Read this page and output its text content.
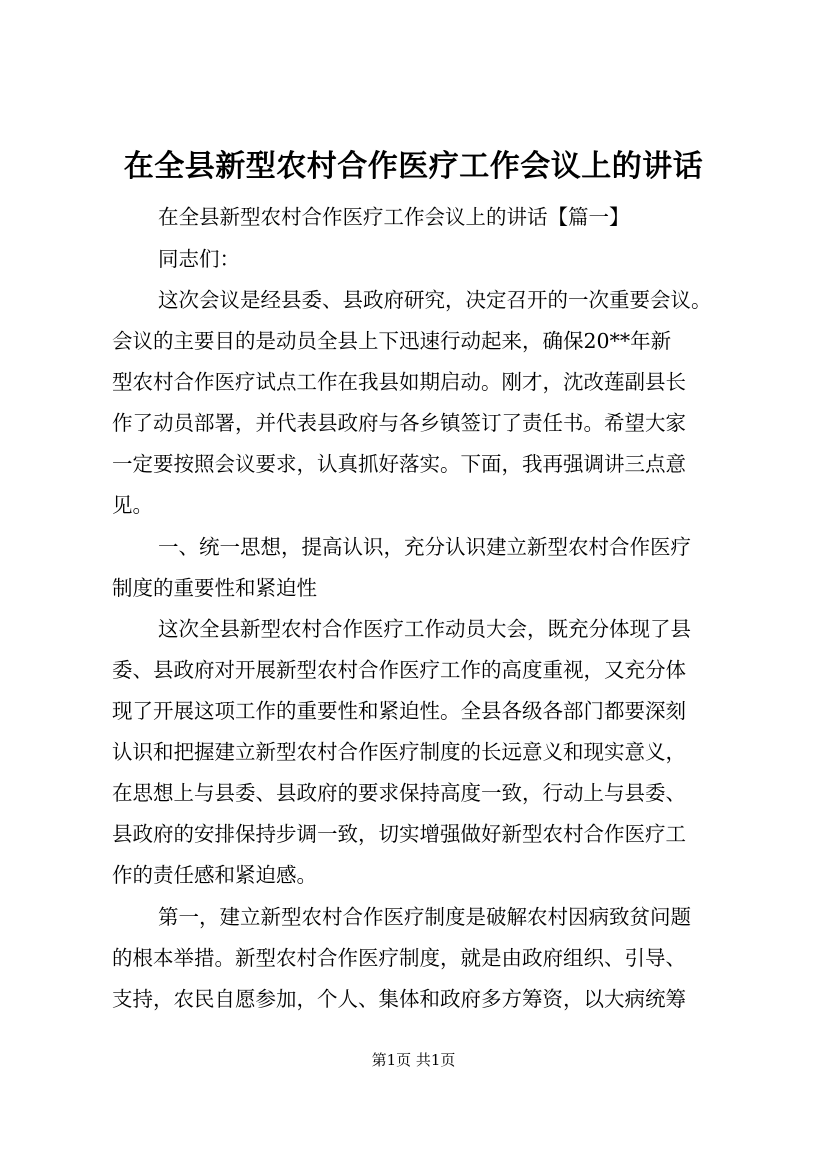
在全县新型农村合作医疗工作会议上的讲话
在全县新型农村合作医疗工作会议上的讲话【篇一】
同志们：
这次会议是经县委、县政府研究，决定召开的一次重要会议。
会议的主要目的是动员全县上下迅速行动起来，确保20**年新
型农村合作医疗试点工作在我县如期启动。刚才，沈改莲副县长
作了动员部署，并代表县政府与各乡镇签订了责任书。希望大家
一定要按照会议要求，认真抓好落实。下面，我再强调讲三点意
见。
一、统一思想，提高认识，充分认识建立新型农村合作医疗
制度的重要性和紧迫性
这次全县新型农村合作医疗工作动员大会，既充分体现了县
委、县政府对开展新型农村合作医疗工作的高度重视，又充分体
现了开展这项工作的重要性和紧迫性。全县各级各部门都要深刻
认识和把握建立新型农村合作医疗制度的长远意义和现实意义，
在思想上与县委、县政府的要求保持高度一致，行动上与县委、
县政府的安排保持步调一致，切实增强做好新型农村合作医疗工
作的责任感和紧迫感。
第一，建立新型农村合作医疗制度是破解农村因病致贫问题
的根本举措。新型农村合作医疗制度，就是由政府组织、引导、
支持，农民自愿参加，个人、集体和政府多方筹资，以大病统筹
第1页 共1页
